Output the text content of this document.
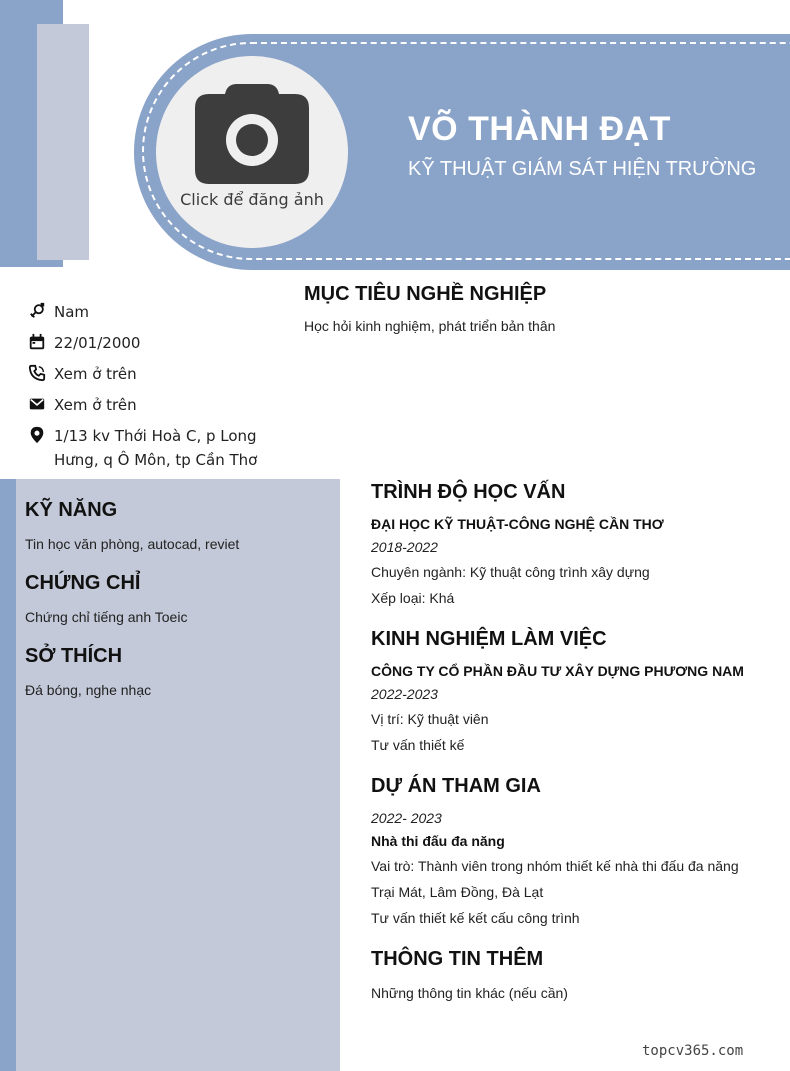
Click để đăng ảnh
VÕ THÀNH ĐẠT
KỸ THUẬT GIÁM SÁT HIỆN TRƯỜNG
Nam
22/01/2000
Xem ở trên
Xem ở trên
1/13 kv Thới Hoà C, p Long Hưng, q Ô Môn, tp Cần Thơ
MỤC TIÊU NGHỀ NGHIỆP
Học hỏi kinh nghiệm, phát triển bản thân
KỸ NĂNG
Tin học văn phòng, autocad, reviet
CHỨNG CHỈ
Chứng chỉ tiếng anh Toeic
SỞ THÍCH
Đá bóng, nghe nhạc
TRÌNH ĐỘ HỌC VẤN
ĐẠI HỌC KỸ THUẬT-CÔNG NGHỆ CẦN THƠ
2018-2022
Chuyên ngành: Kỹ thuật công trình xây dựng
Xếp loại: Khá
KINH NGHIỆM LÀM VIỆC
CÔNG TY CỔ PHẦN ĐẦU TƯ XÂY DỰNG PHƯƠNG NAM
2022-2023
Vị trí: Kỹ thuật viên
Tư vấn thiết kế
DỰ ÁN THAM GIA
2022- 2023
Nhà thi đấu đa năng
Vai trò: Thành viên trong nhóm thiết kế nhà thi đấu đa năng
Trại Mát, Lâm Đồng, Đà Lạt
Tư vấn thiết kế kết cấu công trình
THÔNG TIN THÊM
Những thông tin khác (nếu cần)
topcv365.com
